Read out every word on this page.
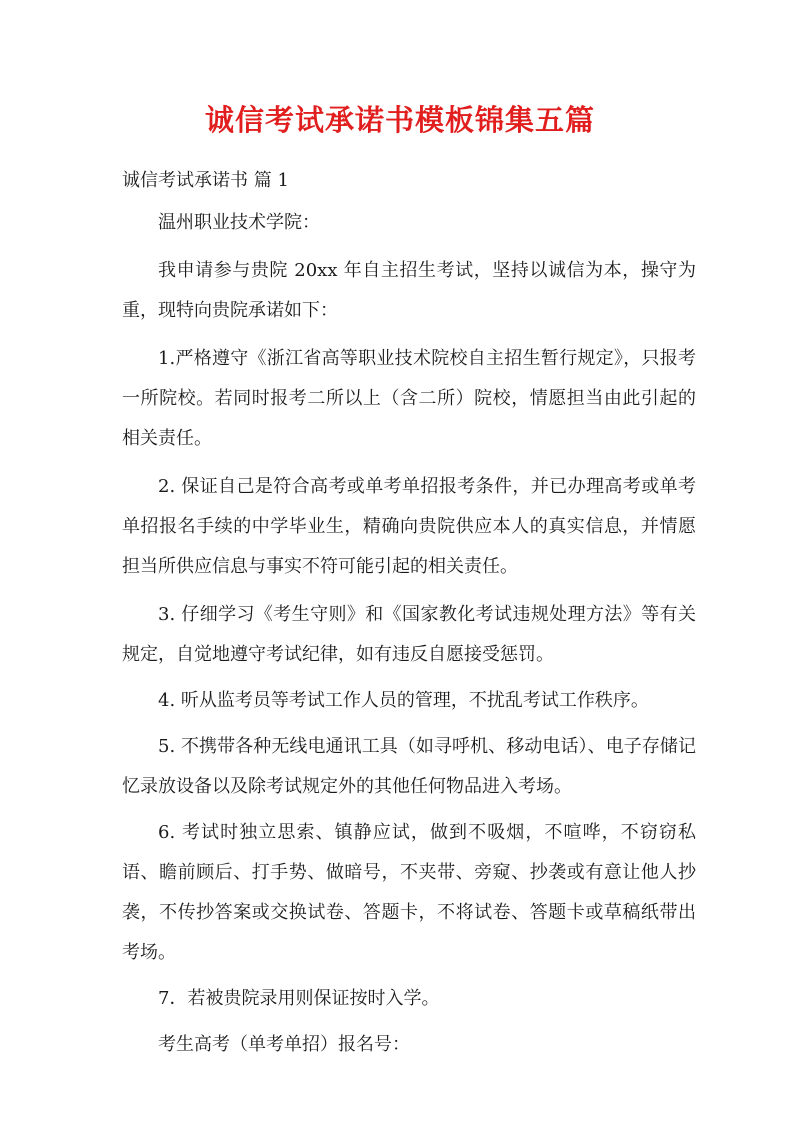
诚信考试承诺书模板锦集五篇
诚信考试承诺书 篇 1

温州职业技术学院：

我申请参与贵院 20xx 年自主招生考试，坚持以诚信为本，操守为重，现特向贵院承诺如下：

1.严格遵守《浙江省高等职业技术院校自主招生暂行规定》，只报考一所院校。若同时报考二所以上（含二所）院校，情愿担当由此引起的相关责任。

2. 保证自己是符合高考或单考单招报考条件，并已办理高考或单考单招报名手续的中学毕业生，精确向贵院供应本人的真实信息，并情愿担当所供应信息与事实不符可能引起的相关责任。

3. 仔细学习《考生守则》和《国家教化考试违规处理方法》等有关规定，自觉地遵守考试纪律，如有违反自愿接受惩罚。

4. 听从监考员等考试工作人员的管理，不扰乱考试工作秩序。

5. 不携带各种无线电通讯工具（如寻呼机、移动电话）、电子存储记忆录放设备以及除考试规定外的其他任何物品进入考场。

6. 考试时独立思索、镇静应试，做到不吸烟，不喧哗，不窃窃私语、瞻前顾后、打手势、做暗号，不夹带、旁窥、抄袭或有意让他人抄袭，不传抄答案或交换试卷、答题卡，不将试卷、答题卡或草稿纸带出考场。

7．若被贵院录用则保证按时入学。

考生高考（单考单招）报名号：
